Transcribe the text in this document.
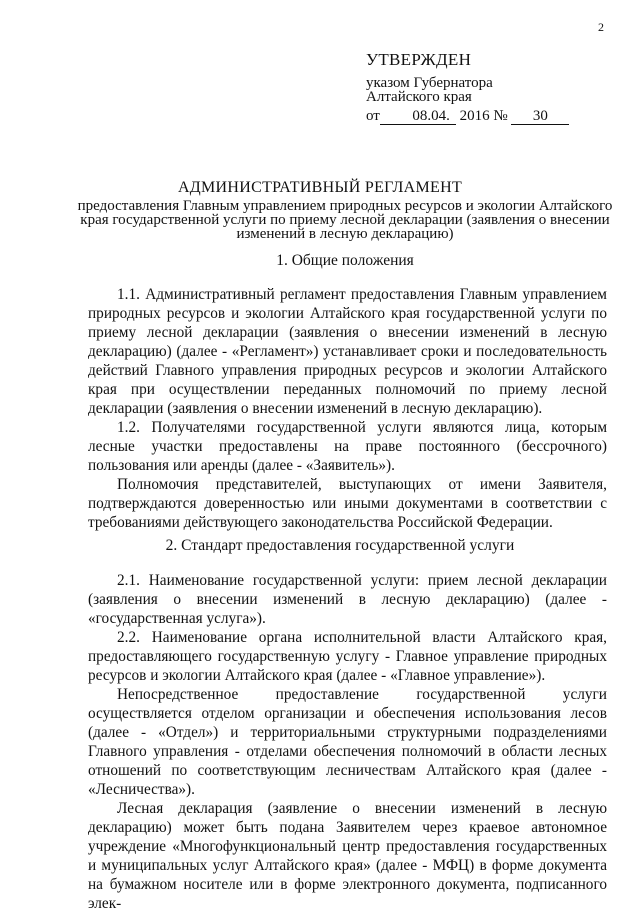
2
УТВЕРЖДЕН
указом Губернатора
Алтайского края
от 08.04. 2016 № 30
АДМИНИСТРАТИВНЫЙ РЕГЛАМЕНТ
предоставления Главным управлением природных ресурсов и экологии Алтайского края государственной услуги по приему лесной декларации (заявления о внесении изменений в лесную декларацию)
1. Общие положения

1.1. Административный регламент предоставления Главным управлением природных ресурсов и экологии Алтайского края государственной услуги по приему лесной декларации (заявления о внесении изменений в лесную декларацию) (далее - «Регламент») устанавливает сроки и последовательность действий Главного управления природных ресурсов и экологии Алтайского края при осуществлении переданных полномочий по приему лесной декларации (заявления о внесении изменений в лесную декларацию).

1.2. Получателями государственной услуги являются лица, которым лесные участки предоставлены на праве постоянного (бессрочного) пользования или аренды (далее - «Заявитель»).

Полномочия представителей, выступающих от имени Заявителя, подтверждаются доверенностью или иными документами в соответствии с требованиями действующего законодательства Российской Федерации.

2. Стандарт предоставления государственной услуги

2.1. Наименование государственной услуги: прием лесной декларации (заявления о внесении изменений в лесную декларацию) (далее - «государственная услуга»).

2.2. Наименование органа исполнительной власти Алтайского края, предоставляющего государственную услугу - Главное управление природных ресурсов и экологии Алтайского края (далее - «Главное управление»).

Непосредственное предоставление государственной услуги осуществляется отделом организации и обеспечения использования лесов (далее - «Отдел») и территориальными структурными подразделениями Главного управления - отделами обеспечения полномочий в области лесных отношений по соответствующим лесничествам Алтайского края (далее - «Лесничества»).

Лесная декларация (заявление о внесении изменений в лесную декларацию) может быть подана Заявителем через краевое автономное учреждение «Многофункциональный центр предоставления государственных и муниципальных услуг Алтайского края» (далее - МФЦ) в форме документа на бумажном носителе или в форме электронного документа, подписанного элек-
